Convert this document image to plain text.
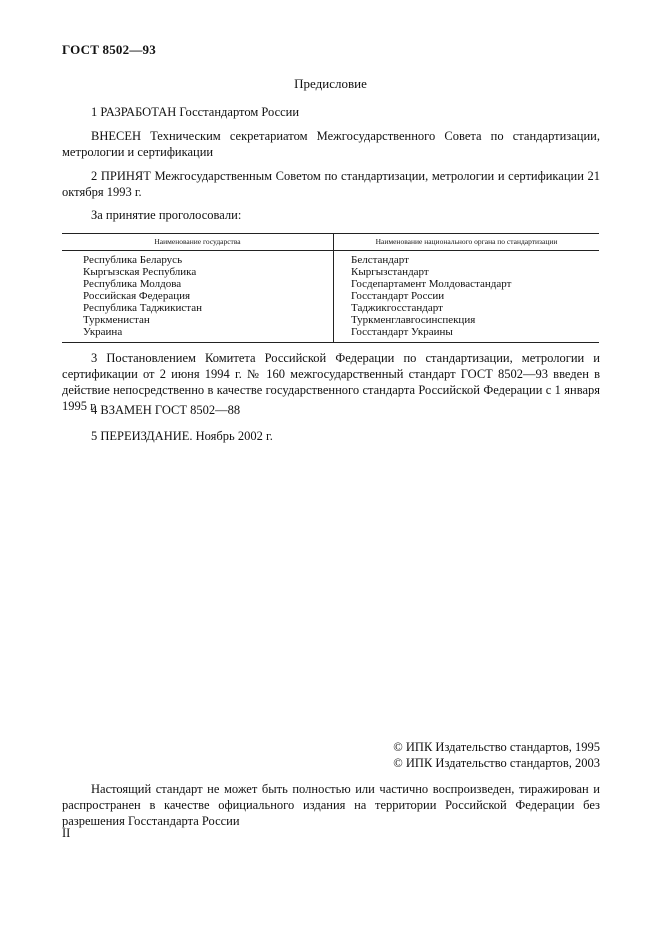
ГОСТ 8502—93
Предисловие
1 РАЗРАБОТАН Госстандартом России
ВНЕСЕН Техническим секретариатом Межгосударственного Совета по стандартизации, метрологии и сертификации
2 ПРИНЯТ Межгосударственным Советом по стандартизации, метрологии и сертификации 21 октября 1993 г.
За принятие проголосовали:
Наименование государства	Наименование национального органа по стандартизации
Республика Беларусь
Кыргызская Республика
Республика Молдова
Российская Федерация
Республика Таджикистан
Туркменистан
Украина
Белстандарт
Кыргызстандарт
Госдепартамент Молдовастандарт
Госстандарт России
Таджикгосстандарт
Туркменглавгосинспекция
Госстандарт Украины
3 Постановлением Комитета Российской Федерации по стандартизации, метрологии и сертификации от 2 июня 1994 г. № 160 межгосударственный стандарт ГОСТ 8502—93 введен в действие непосредственно в качестве государственного стандарта Российской Федерации с 1 января 1995 г.
4 ВЗАМЕН ГОСТ 8502—88
5 ПЕРЕИЗДАНИЕ. Ноябрь 2002 г.
© ИПК Издательство стандартов, 1995
© ИПК Издательство стандартов, 2003
Настоящий стандарт не может быть полностью или частично воспроизведен, тиражирован и распространен в качестве официального издания на территории Российской Федерации без разрешения Госстандарта России
II
